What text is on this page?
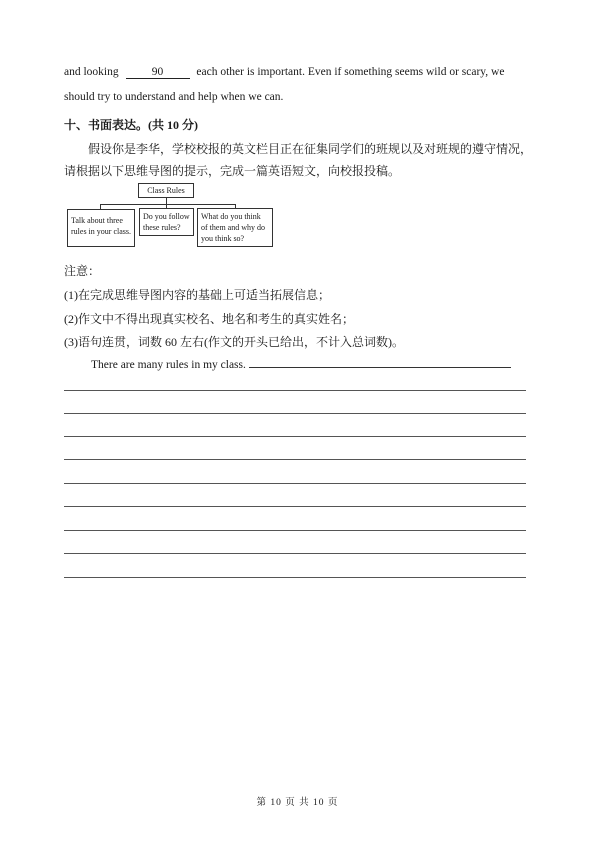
and looking	90	each other is important. Even if something seems wild or scary, we
should try to understand and help when we can.
十、书面表达。(共 10 分)
假设你是李华，学校校报的英文栏目正在征集同学们的班规以及对班规的遵守情况，
请根据以下思维导图的提示，完成一篇英语短文，向校报投稿。
Class Rules
Talk about three
rules in your class.
Do you follow
these rules?
What do you think
of them and why do
you think so?
注意：
(1)在完成思维导图内容的基础上可适当拓展信息；
(2)作文中不得出现真实校名、地名和考生的真实姓名；
(3)语句连贯，词数 60 左右(作文的开头已给出，不计入总词数)。
There are many rules in my class.
第 10 页 共 10 页
